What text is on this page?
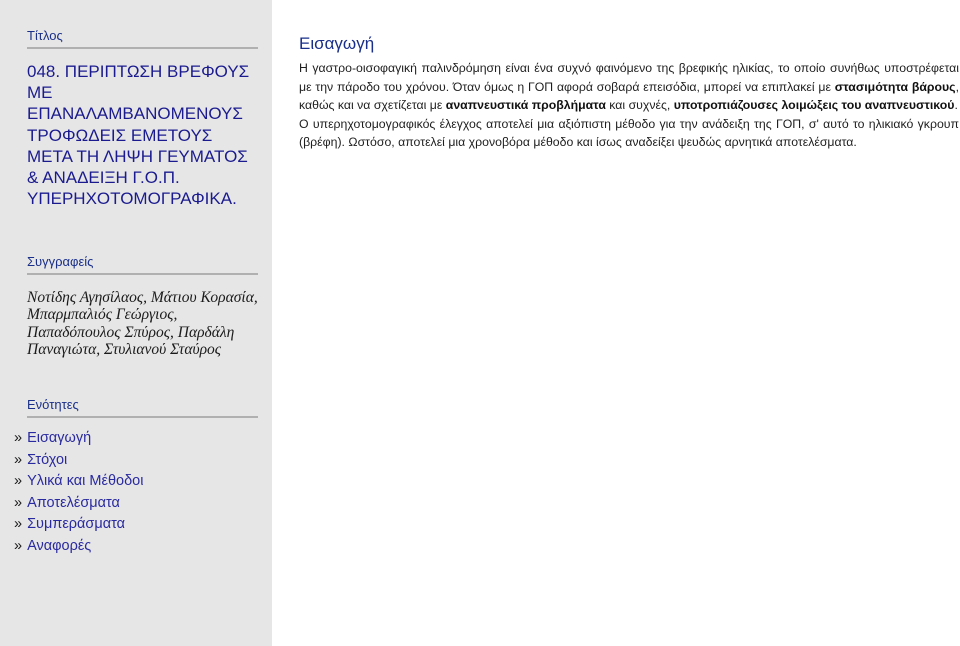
Τίτλος
048. ΠΕΡΙΠΤΩΣΗ ΒΡΕΦΟΥΣ ΜΕ ΕΠΑΝΑΛΑΜΒΑΝΟΜΕΝΟΥΣ ΤΡΟΦΩΔΕΙΣ ΕΜΕΤΟΥΣ ΜΕΤΑ ΤΗ ΛΗΨΗ ΓΕΥΜΑΤΟΣ & ΑΝΑΔΕΙΞΗ Γ.Ο.Π. ΥΠΕΡΗΧΟΤΟΜΟΓΡΑΦΙΚΑ.
Συγγραφείς
Νοτίδης Αγησίλαος, Μάτιου Κορασία, Μπαρμπαλιός Γεώργιος, Παπαδόπουλος Σπύρος, Παρδάλη Παναγιώτα, Στυλιανού Σταύρος
Ενότητες
» Εισαγωγή
» Στόχοι
» Υλικά και Μέθοδοι
» Αποτελέσματα
» Συμπεράσματα
» Αναφορές
Εισαγωγή

Η γαστρο-οισοφαγική παλινδρόμηση είναι ένα συχνό φαινόμενο της βρεφικής ηλικίας, το οποίο συνήθως υποστρέφεται με την πάροδο του χρόνου. Όταν όμως η ΓΟΠ αφορά σοβαρά επεισόδια, μπορεί να επιπλακεί με στασιμότητα βάρους, καθώς και να σχετίζεται με αναπνευστικά προβλήματα και συχνές, υποτροπιάζουσες λοιμώξεις του αναπνευστικού.

Ο υπερηχοτομογραφικός έλεγχος αποτελεί μια αξιόπιστη μέθοδο για την ανάδειξη της ΓΟΠ, σ' αυτό το ηλικιακό γκρουπ (βρέφη). Ωστόσο, αποτελεί μια χρονοβόρα μέθοδο και ίσως αναδείξει ψευδώς αρνητικά αποτελέσματα.
